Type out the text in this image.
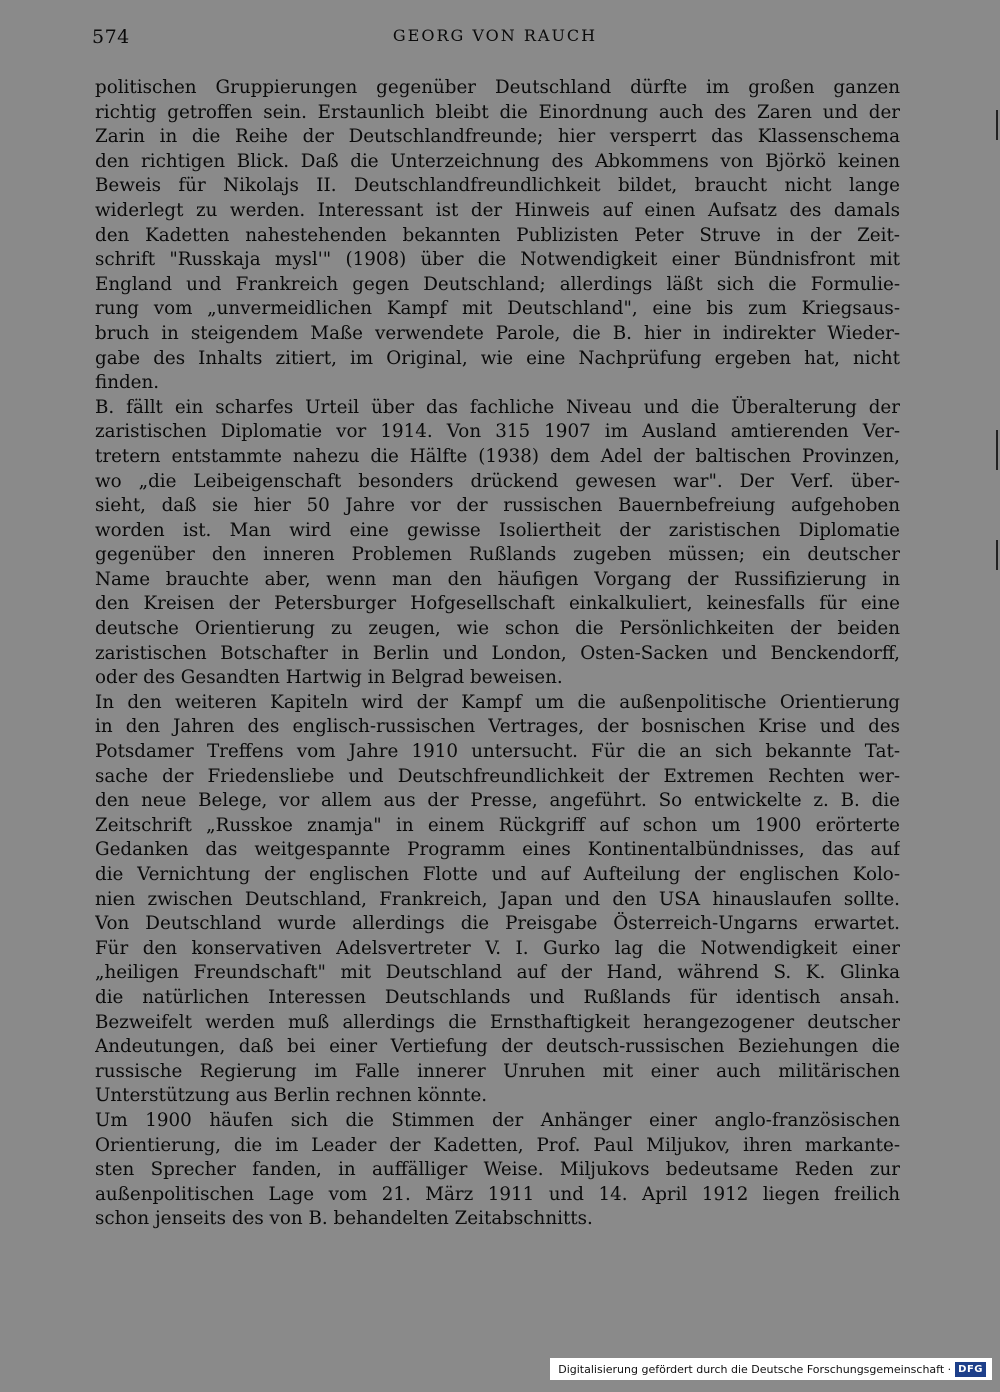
574	GEORG VON RAUCH
politischen Gruppierungen gegenüber Deutschland dürfte im großen ganzen
richtig getroffen sein. Erstaunlich bleibt die Einordnung auch des Zaren und der
Zarin in die Reihe der Deutschlandfreunde; hier versperrt das Klassenschema
den richtigen Blick. Daß die Unterzeichnung des Abkommens von Björkö keinen
Beweis für Nikolajs II. Deutschlandfreundlichkeit bildet, braucht nicht lange
widerlegt zu werden. Interessant ist der Hinweis auf einen Aufsatz des damals
den Kadetten nahestehenden bekannten Publizisten Peter Struve in der Zeit-
schrift "Russkaja mysl'" (1908) über die Notwendigkeit einer Bündnisfront mit
England und Frankreich gegen Deutschland; allerdings läßt sich die Formulie-
rung vom „unvermeidlichen Kampf mit Deutschland", eine bis zum Kriegsaus-
bruch in steigendem Maße verwendete Parole, die B. hier in indirekter Wieder-
gabe des Inhalts zitiert, im Original, wie eine Nachprüfung ergeben hat, nicht
finden.
B. fällt ein scharfes Urteil über das fachliche Niveau und die Überalterung der
zaristischen Diplomatie vor 1914. Von 315 1907 im Ausland amtierenden Ver-
tretern entstammte nahezu die Hälfte (1938) dem Adel der baltischen Provinzen,
wo „die Leibeigenschaft besonders drückend gewesen war". Der Verf. über-
sieht, daß sie hier 50 Jahre vor der russischen Bauernbefreiung aufgehoben
worden ist. Man wird eine gewisse Isoliertheit der zaristischen Diplomatie
gegenüber den inneren Problemen Rußlands zugeben müssen; ein deutscher
Name brauchte aber, wenn man den häufigen Vorgang der Russifizierung in
den Kreisen der Petersburger Hofgesellschaft einkalkuliert, keinesfalls für eine
deutsche Orientierung zu zeugen, wie schon die Persönlichkeiten der beiden
zaristischen Botschafter in Berlin und London, Osten-Sacken und Benckendorff,
oder des Gesandten Hartwig in Belgrad beweisen.
In den weiteren Kapiteln wird der Kampf um die außenpolitische Orientierung
in den Jahren des englisch-russischen Vertrages, der bosnischen Krise und des
Potsdamer Treffens vom Jahre 1910 untersucht. Für die an sich bekannte Tat-
sache der Friedensliebe und Deutschfreundlichkeit der Extremen Rechten wer-
den neue Belege, vor allem aus der Presse, angeführt. So entwickelte z. B. die
Zeitschrift „Russkoe znamja" in einem Rückgriff auf schon um 1900 erörterte
Gedanken das weitgespannte Programm eines Kontinentalbündnisses, das auf
die Vernichtung der englischen Flotte und auf Aufteilung der englischen Kolo-
nien zwischen Deutschland, Frankreich, Japan und den USA hinauslaufen sollte.
Von Deutschland wurde allerdings die Preisgabe Österreich-Ungarns erwartet.
Für den konservativen Adelsvertreter V. I. Gurko lag die Notwendigkeit einer
„heiligen Freundschaft" mit Deutschland auf der Hand, während S. K. Glinka
die natürlichen Interessen Deutschlands und Rußlands für identisch ansah.
Bezweifelt werden muß allerdings die Ernsthaftigkeit herangezogener deutscher
Andeutungen, daß bei einer Vertiefung der deutsch-russischen Beziehungen die
russische Regierung im Falle innerer Unruhen mit einer auch militärischen
Unterstützung aus Berlin rechnen könnte.
Um 1900 häufen sich die Stimmen der Anhänger einer anglo-französischen
Orientierung, die im Leader der Kadetten, Prof. Paul Miljukov, ihren markante-
sten Sprecher fanden, in auffälliger Weise. Miljukovs bedeutsame Reden zur
außenpolitischen Lage vom 21. März 1911 und 14. April 1912 liegen freilich
schon jenseits des von B. behandelten Zeitabschnitts.
Digitalisierung gefördert durch die Deutsche Forschungsgemeinschaft · DFG
